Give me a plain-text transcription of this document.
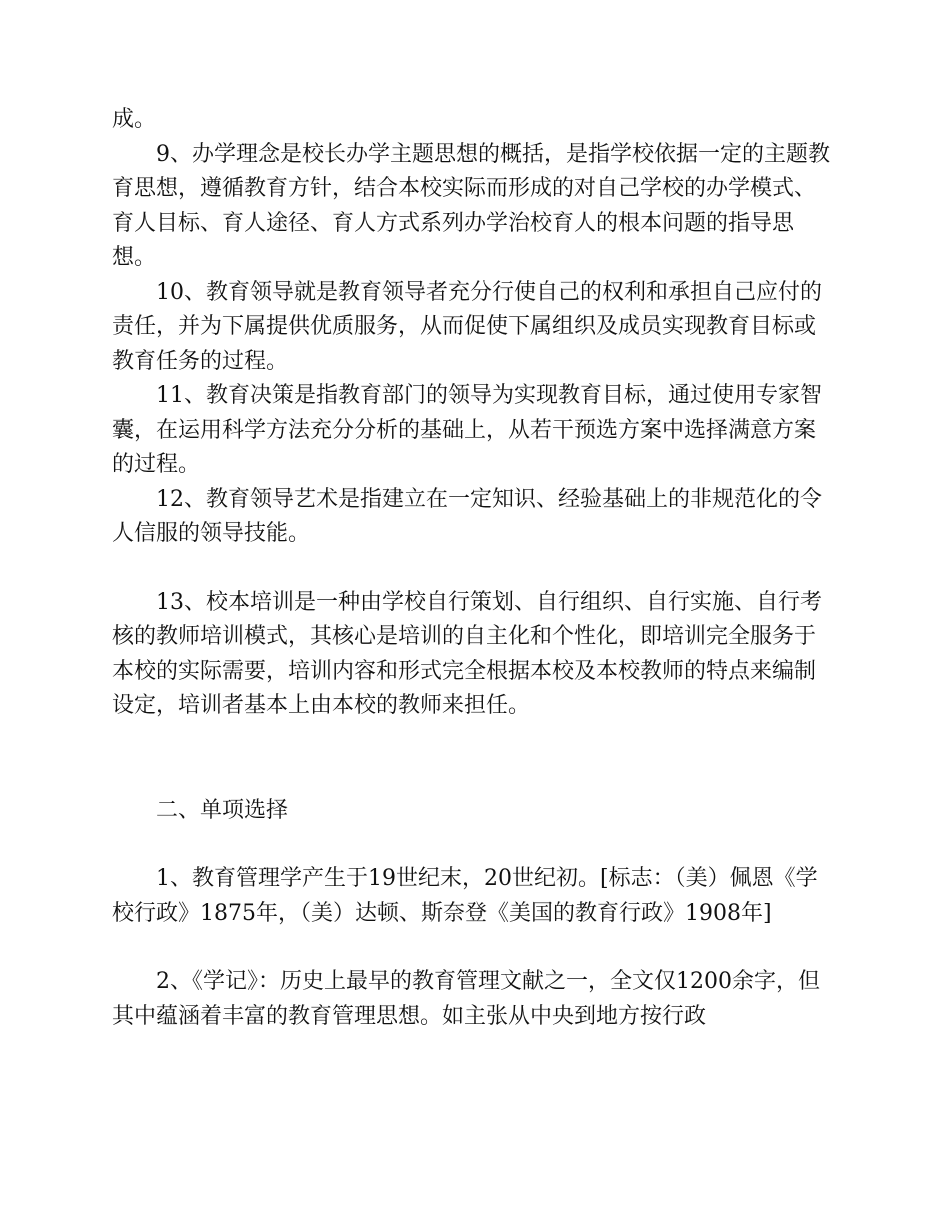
成。

9、办学理念是校长办学主题思想的概括，是指学校依据一定的主题教育思想，遵循教育方针，结合本校实际而形成的对自己学校的办学模式、育人目标、育人途径、育人方式系列办学治校育人的根本问题的指导思想。

10、教育领导就是教育领导者充分行使自己的权利和承担自己应付的责任，并为下属提供优质服务，从而促使下属组织及成员实现教育目标或教育任务的过程。

11、教育决策是指教育部门的领导为实现教育目标，通过使用专家智囊，在运用科学方法充分分析的基础上，从若干预选方案中选择满意方案的过程。

12、教育领导艺术是指建立在一定知识、经验基础上的非规范化的令人信服的领导技能。

13、校本培训是一种由学校自行策划、自行组织、自行实施、自行考核的教师培训模式，其核心是培训的自主化和个性化，即培训完全服务于本校的实际需要，培训内容和形式完全根据本校及本校教师的特点来编制设定，培训者基本上由本校的教师来担任。

二、单项选择

1、教育管理学产生于19世纪末，20世纪初。[标志：（美）佩恩《学校行政》1875年，（美）达顿、斯奈登《美国的教育行政》1908年]

2、《学记》：历史上最早的教育管理文献之一，全文仅1200余字，但其中蕴涵着丰富的教育管理思想。如主张从中央到地方按行政
